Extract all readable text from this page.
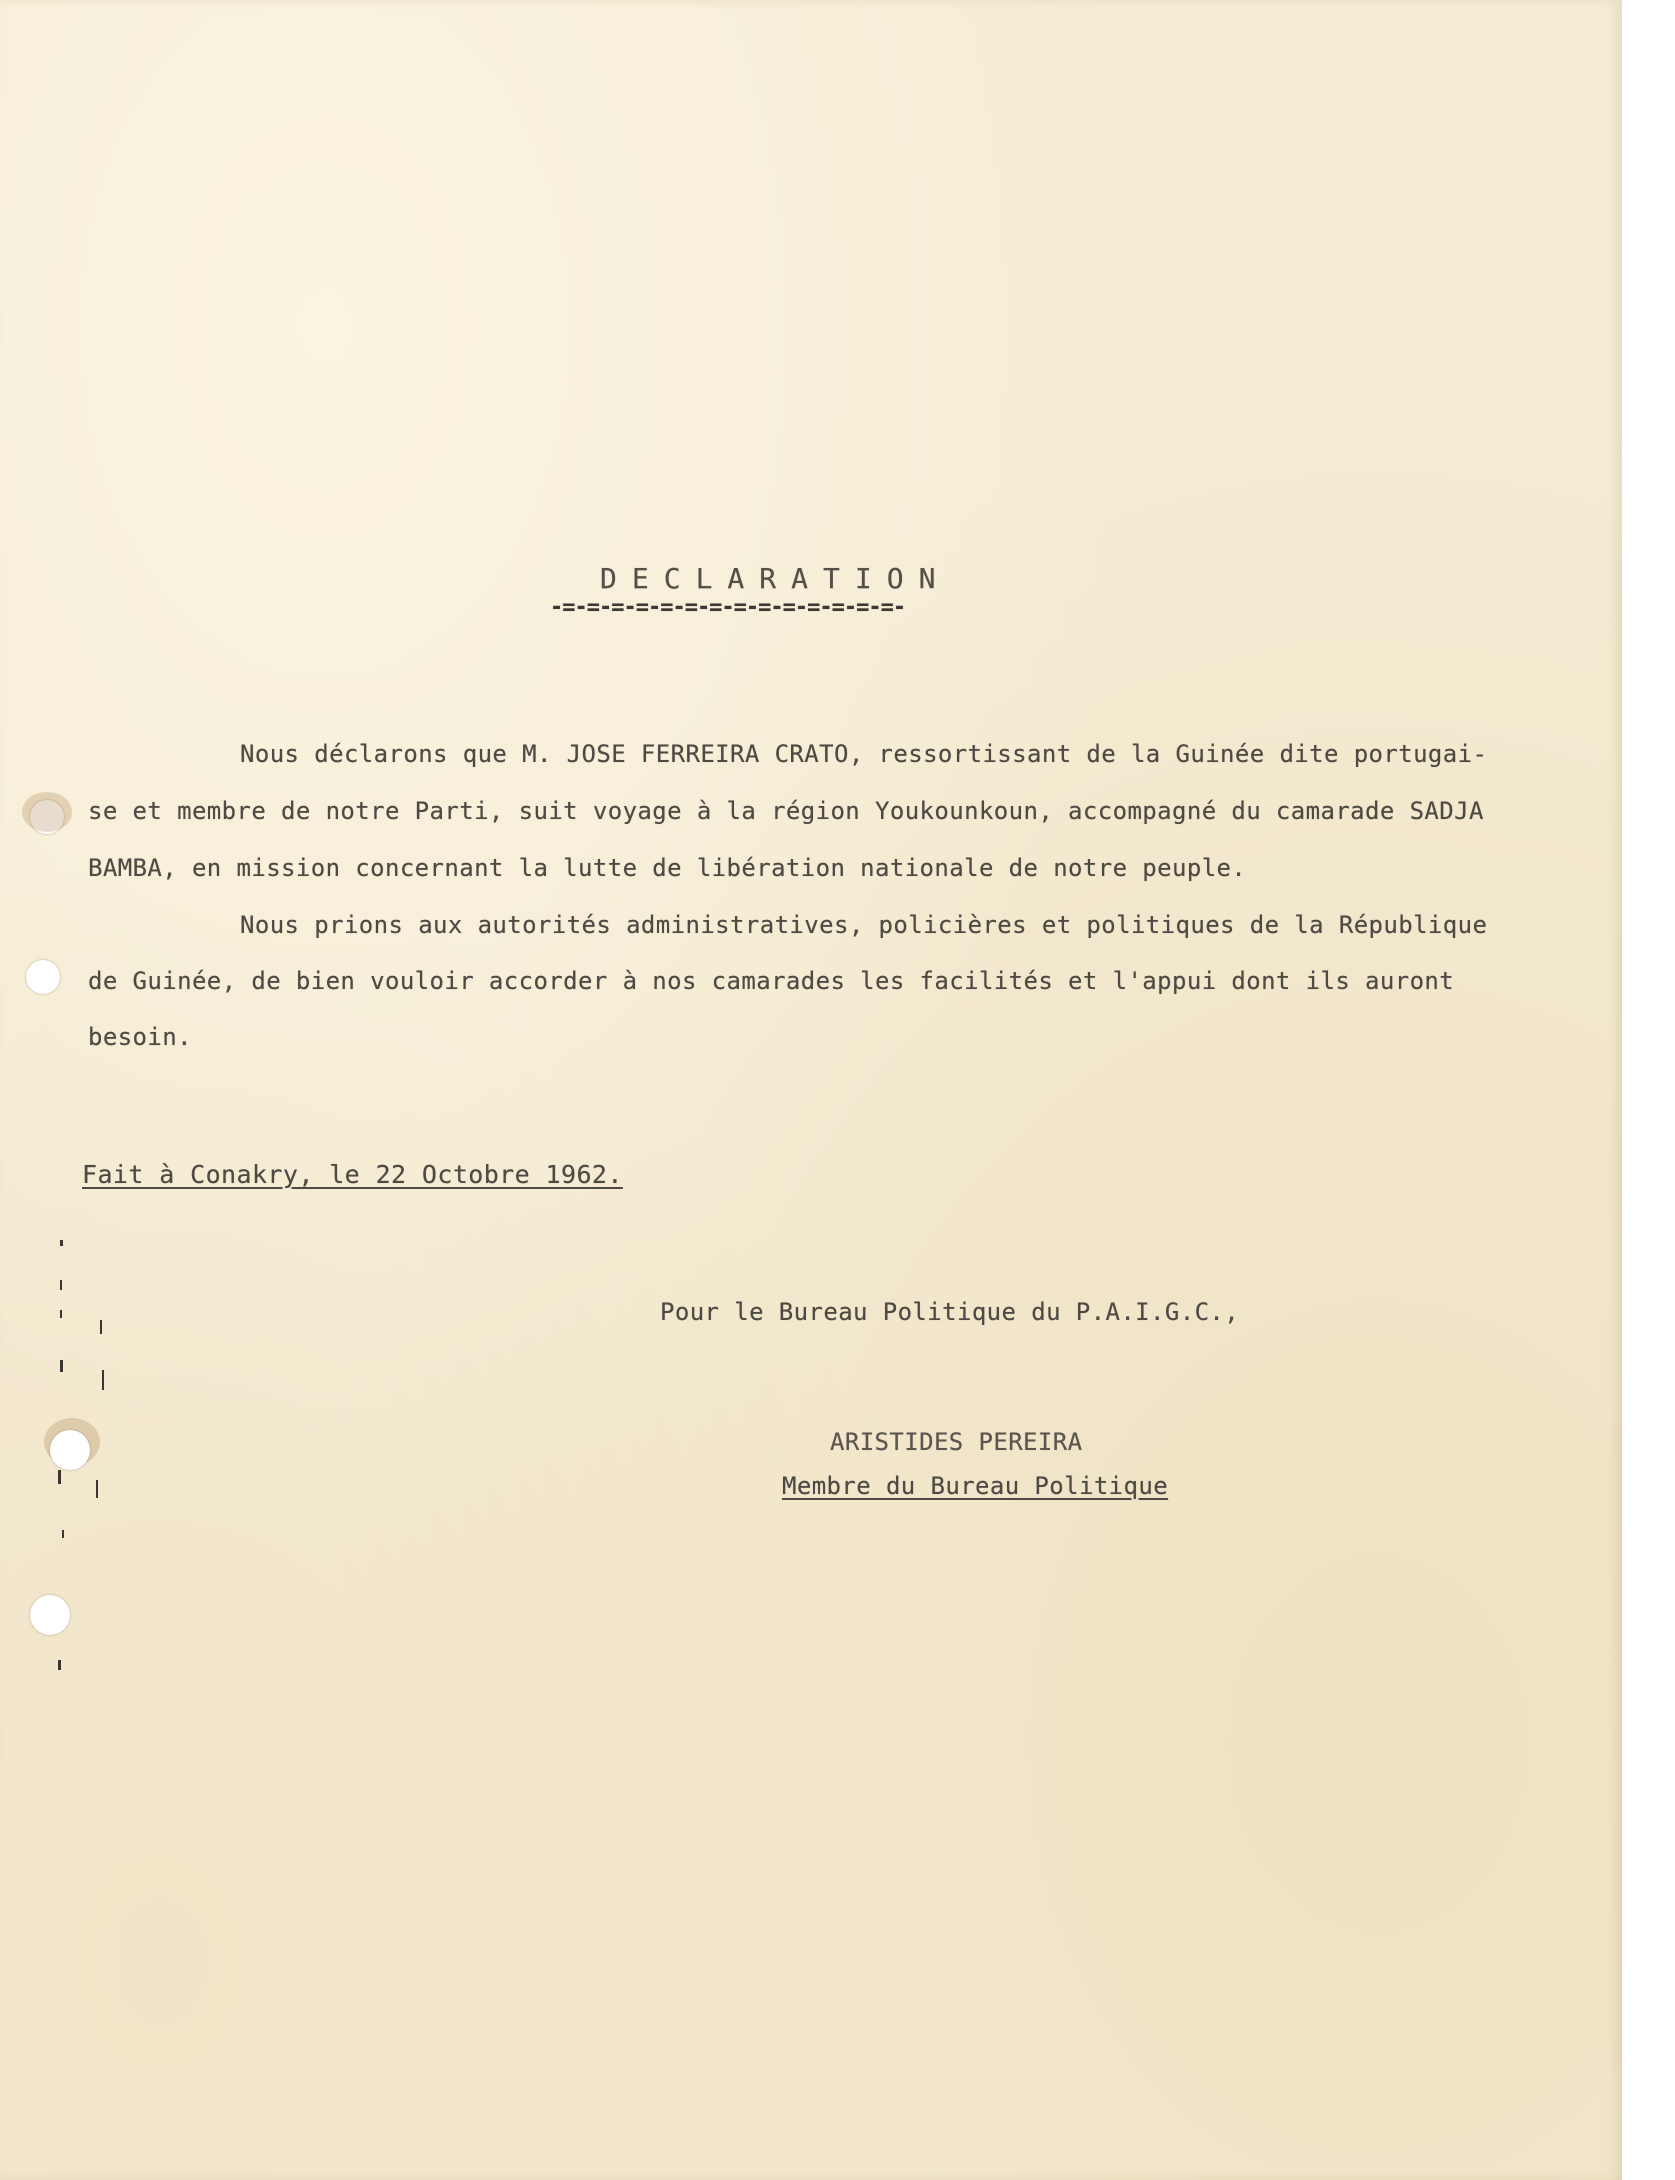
DECLARATION
-=-=-=-=-=-=-=-=-=-=-=-=-=-=-
Nous déclarons que M. JOSE FERREIRA CRATO, ressortissant de la Guinée dite portugai-
se et membre de notre Parti, suit voyage à la région Youkounkoun, accompagné du camarade SADJA
BAMBA, en mission concernant la lutte de libération nationale de notre peuple.
Nous prions aux autorités administratives, policières et politiques de la République
de Guinée, de bien vouloir accorder à nos camarades les facilités et l'appui dont ils auront
besoin.
Fait à Conakry, le 22 Octobre 1962.
Pour le Bureau Politique du P.A.I.G.C.,
ARISTIDES PEREIRA
Membre du Bureau Politique
